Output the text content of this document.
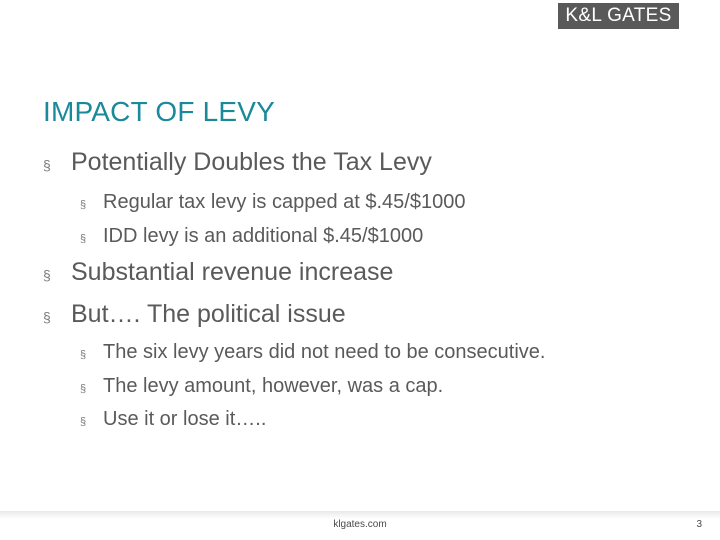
K&L GATES
IMPACT OF LEVY
§ Potentially Doubles the Tax Levy
§ Regular tax levy is capped at $.45/$1000
§ IDD levy is an additional $.45/$1000
§ Substantial revenue increase
§ But…. The political issue
§ The six levy years did not need to be consecutive.
§ The levy amount, however, was a cap.
§ Use it or lose it…..
klgates.com	3
